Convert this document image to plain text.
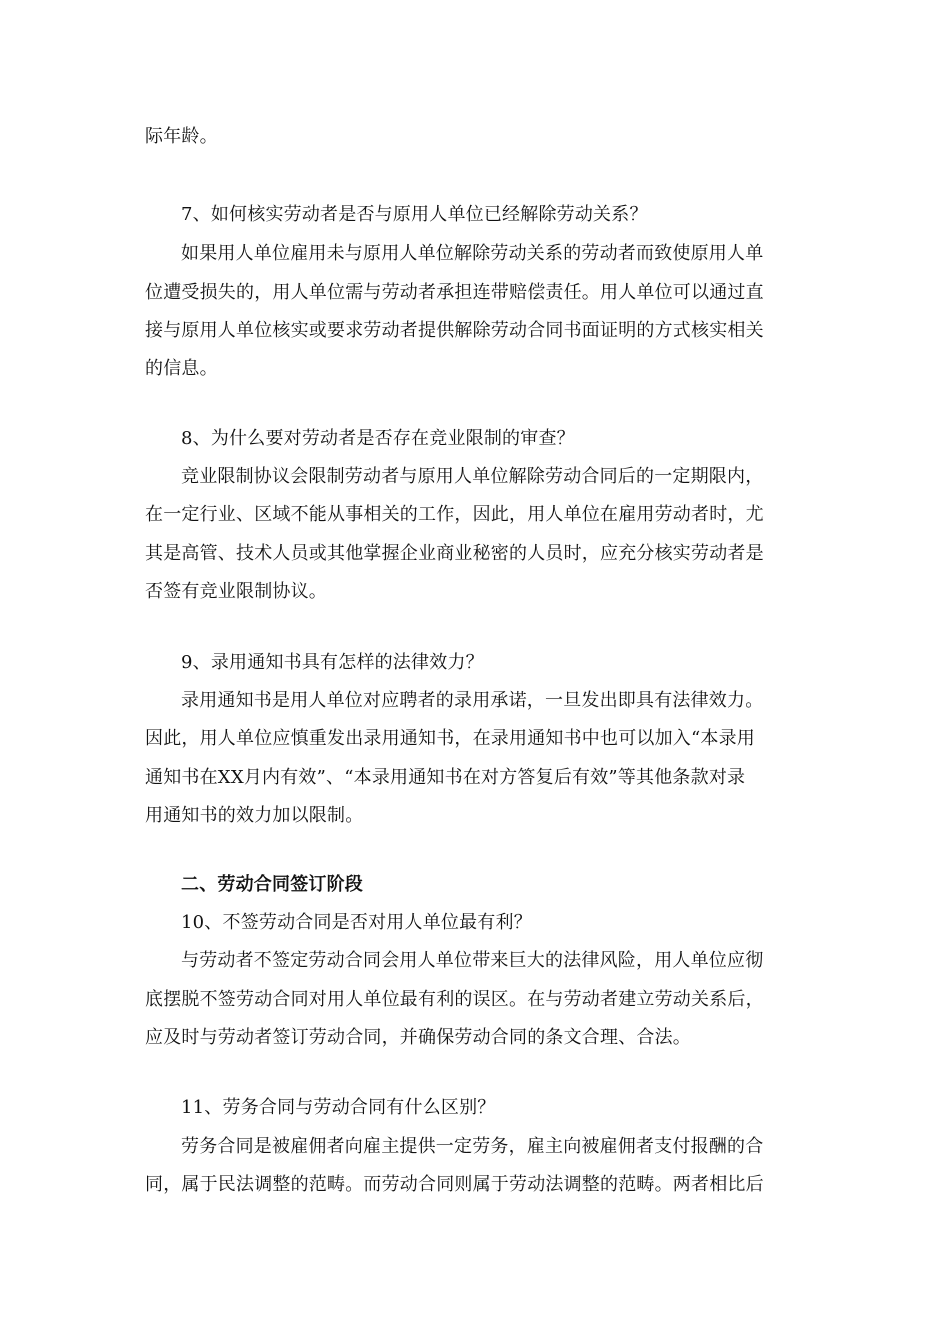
际年龄。
7、如何核实劳动者是否与原用人单位已经解除劳动关系？
如果用人单位雇用未与原用人单位解除劳动关系的劳动者而致使原用人单
位遭受损失的，用人单位需与劳动者承担连带赔偿责任。用人单位可以通过直
接与原用人单位核实或要求劳动者提供解除劳动合同书面证明的方式核实相关
的信息。
8、为什么要对劳动者是否存在竞业限制的审查？
竞业限制协议会限制劳动者与原用人单位解除劳动合同后的一定期限内，
在一定行业、区域不能从事相关的工作，因此，用人单位在雇用劳动者时，尤
其是高管、技术人员或其他掌握企业商业秘密的人员时，应充分核实劳动者是
否签有竞业限制协议。
9、录用通知书具有怎样的法律效力？
录用通知书是用人单位对应聘者的录用承诺，一旦发出即具有法律效力。
因此，用人单位应慎重发出录用通知书，在录用通知书中也可以加入“本录用
通知书在XX月内有效”、“本录用通知书在对方答复后有效”等其他条款对录
用通知书的效力加以限制。
二、劳动合同签订阶段
10、不签劳动合同是否对用人单位最有利？
与劳动者不签定劳动合同会用人单位带来巨大的法律风险，用人单位应彻
底摆脱不签劳动合同对用人单位最有利的误区。在与劳动者建立劳动关系后，
应及时与劳动者签订劳动合同，并确保劳动合同的条文合理、合法。
11、劳务合同与劳动合同有什么区别？
劳务合同是被雇佣者向雇主提供一定劳务，雇主向被雇佣者支付报酬的合
同，属于民法调整的范畴。而劳动合同则属于劳动法调整的范畴。两者相比后
